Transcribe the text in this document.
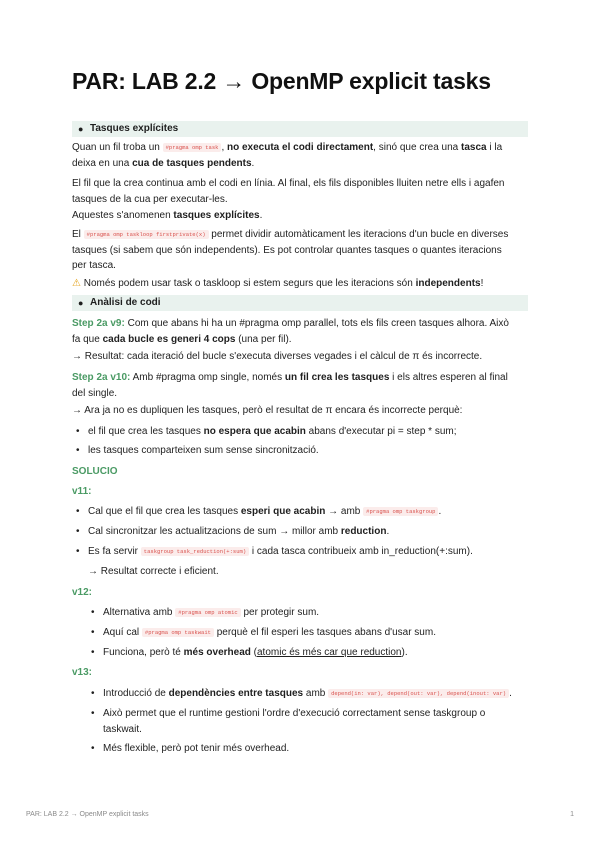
PAR: LAB 2.2 → OpenMP explicit tasks
● Tasques explícites
Quan un fil troba un #pragma omp task , no executa el codi directament, sinó que crea una tasca i la
deixa en una cua de tasques pendents.
El fil que la crea continua amb el codi en línia. Al final, els fils disponibles lluiten netre ells i agafen
tasques de la cua per executar-les.
Aquestes s'anomenen tasques explícites.
El #pragma omp taskloop firstprivate(x) permet dividir automàticament les iteracions d'un bucle en diverses
tasques (si sabem que són independents). Es pot controlar quantes tasques o quantes iteracions
per tasca.
⚠ Només podem usar task o taskloop si estem segurs que les iteracions són independents!
● Anàlisi de codi
Step 2a v9: Com que abans hi ha un #pragma omp parallel, tots els fils creen tasques alhora. Això
fa que cada bucle es generi 4 cops (una per fil).
→ Resultat: cada iteració del bucle s'executa diverses vegades i el càlcul de π és incorrecte.
Step 2a v10: Amb #pragma omp single, només un fil crea les tasques i els altres esperen al final
del single.
→ Ara ja no es dupliquen les tasques, però el resultat de π encara és incorrecte perquè:
• el fil que crea les tasques no espera que acabin abans d'executar pi = step * sum;
• les tasques comparteixen sum sense sincronització.
SOLUCIO
v11:
• Cal que el fil que crea les tasques esperi que acabin → amb #pragma omp taskgroup .
• Cal sincronitzar les actualitzacions de sum → millor amb reduction.
• Es fa servir taskgroup task_reduction(+:sum) i cada tasca contribueix amb in_reduction(+:sum).
→ Resultat correcte i eficient.
v12:
• Alternativa amb #pragma omp atomic per protegir sum.
• Aquí cal #pragma omp taskwait perquè el fil esperi les tasques abans d'usar sum.
• Funciona, però té més overhead (atomic és més car que reduction).
v13:
• Introducció de dependències entre tasques amb depend(in: var), depend(out: var), depend(inout: var) .
• Això permet que el runtime gestioni l'ordre d'execució correctament sense taskgroup o
taskwait.
• Més flexible, però pot tenir més overhead.
PAR: LAB 2.2 → OpenMP explicit tasks	1
